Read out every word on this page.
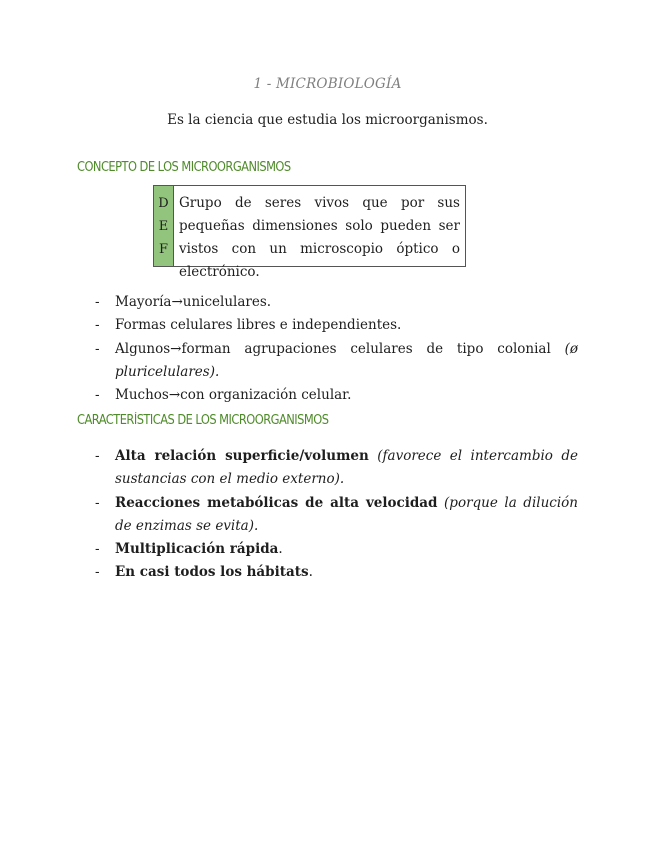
1 - MICROBIOLOGÍA
Es la ciencia que estudia los microorganismos.
CONCEPTO DE LOS MICROORGANISMOS
D
E
F
Grupo de seres vivos que por sus pequeñas dimensiones solo pueden ser vistos con un microscopio óptico o electrónico.
- Mayoría→unicelulares.
- Formas celulares libres e independientes.
- Algunos→forman agrupaciones celulares de tipo colonial (ø pluricelulares).
- Muchos→con organización celular.
CARACTERÍSTICAS DE LOS MICROORGANISMOS
- Alta relación superficie/volumen (favorece el intercambio de sustancias con el medio externo).
- Reacciones metabólicas de alta velocidad (porque la dilución de enzimas se evita).
- Multiplicación rápida.
- En casi todos los hábitats.
